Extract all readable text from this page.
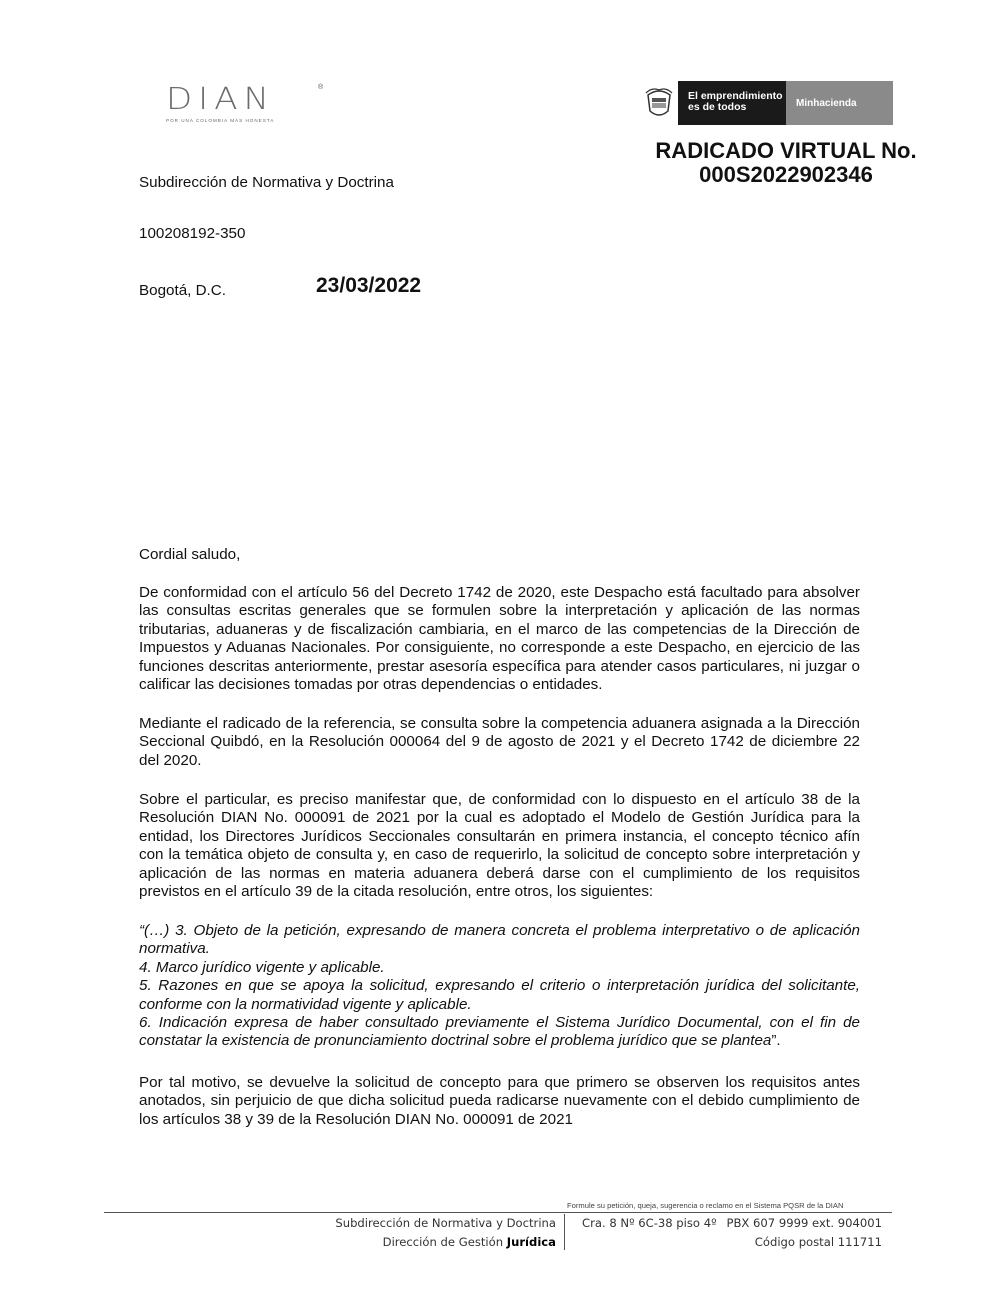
DIAN	®
POR UNA COLOMBIA MÁS HONESTA
El emprendimiento
es de todos	Minhacienda
RADICADO VIRTUAL No.
000S2022902346
Subdirección de Normativa y Doctrina
100208192-350
Bogotá, D.C.	23/03/2022

Cordial saludo,

De conformidad con el artículo 56 del Decreto 1742 de 2020, este Despacho está facultado para absolver las consultas escritas generales que se formulen sobre la interpretación y aplicación de las normas tributarias, aduaneras y de fiscalización cambiaria, en el marco de las competencias de la Dirección de Impuestos y Aduanas Nacionales. Por consiguiente, no corresponde a este Despacho, en ejercicio de las funciones descritas anteriormente, prestar asesoría específica para atender casos particulares, ni juzgar o calificar las decisiones tomadas por otras dependencias o entidades.

Mediante el radicado de la referencia, se consulta sobre la competencia aduanera asignada a la Dirección Seccional Quibdó, en la Resolución 000064 del 9 de agosto de 2021 y el Decreto 1742 de diciembre 22 del 2020.

Sobre el particular, es preciso manifestar que, de conformidad con lo dispuesto en el artículo 38 de la Resolución DIAN No. 000091 de 2021 por la cual es adoptado el Modelo de Gestión Jurídica para la entidad, los Directores Jurídicos Seccionales consultarán en primera instancia, el concepto técnico afín con la temática objeto de consulta y, en caso de requerirlo, la solicitud de concepto sobre interpretación y aplicación de las normas en materia aduanera deberá darse con el cumplimiento de los requisitos previstos en el artículo 39 de la citada resolución, entre otros, los siguientes:

“(…) 3. Objeto de la petición, expresando de manera concreta el problema interpretativo o de aplicación normativa.
4. Marco jurídico vigente y aplicable.
5. Razones en que se apoya la solicitud, expresando el criterio o interpretación jurídica del solicitante, conforme con la normatividad vigente y aplicable.
6. Indicación expresa de haber consultado previamente el Sistema Jurídico Documental, con el fin de constatar la existencia de pronunciamiento doctrinal sobre el problema jurídico que se plantea”.

Por tal motivo, se devuelve la solicitud de concepto para que primero se observen los requisitos antes anotados, sin perjuicio de que dicha solicitud pueda radicarse nuevamente con el debido cumplimiento de los artículos 38 y 39 de la Resolución DIAN No. 000091 de 2021

Formule su petición, queja, sugerencia o reclamo en el Sistema PQSR de la DIAN
Subdirección de Normativa y Doctrina
Dirección de Gestión Jurídica
Cra. 8 Nº 6C-38 piso 4º PBX 607 9999 ext. 904001
Código postal 111711
